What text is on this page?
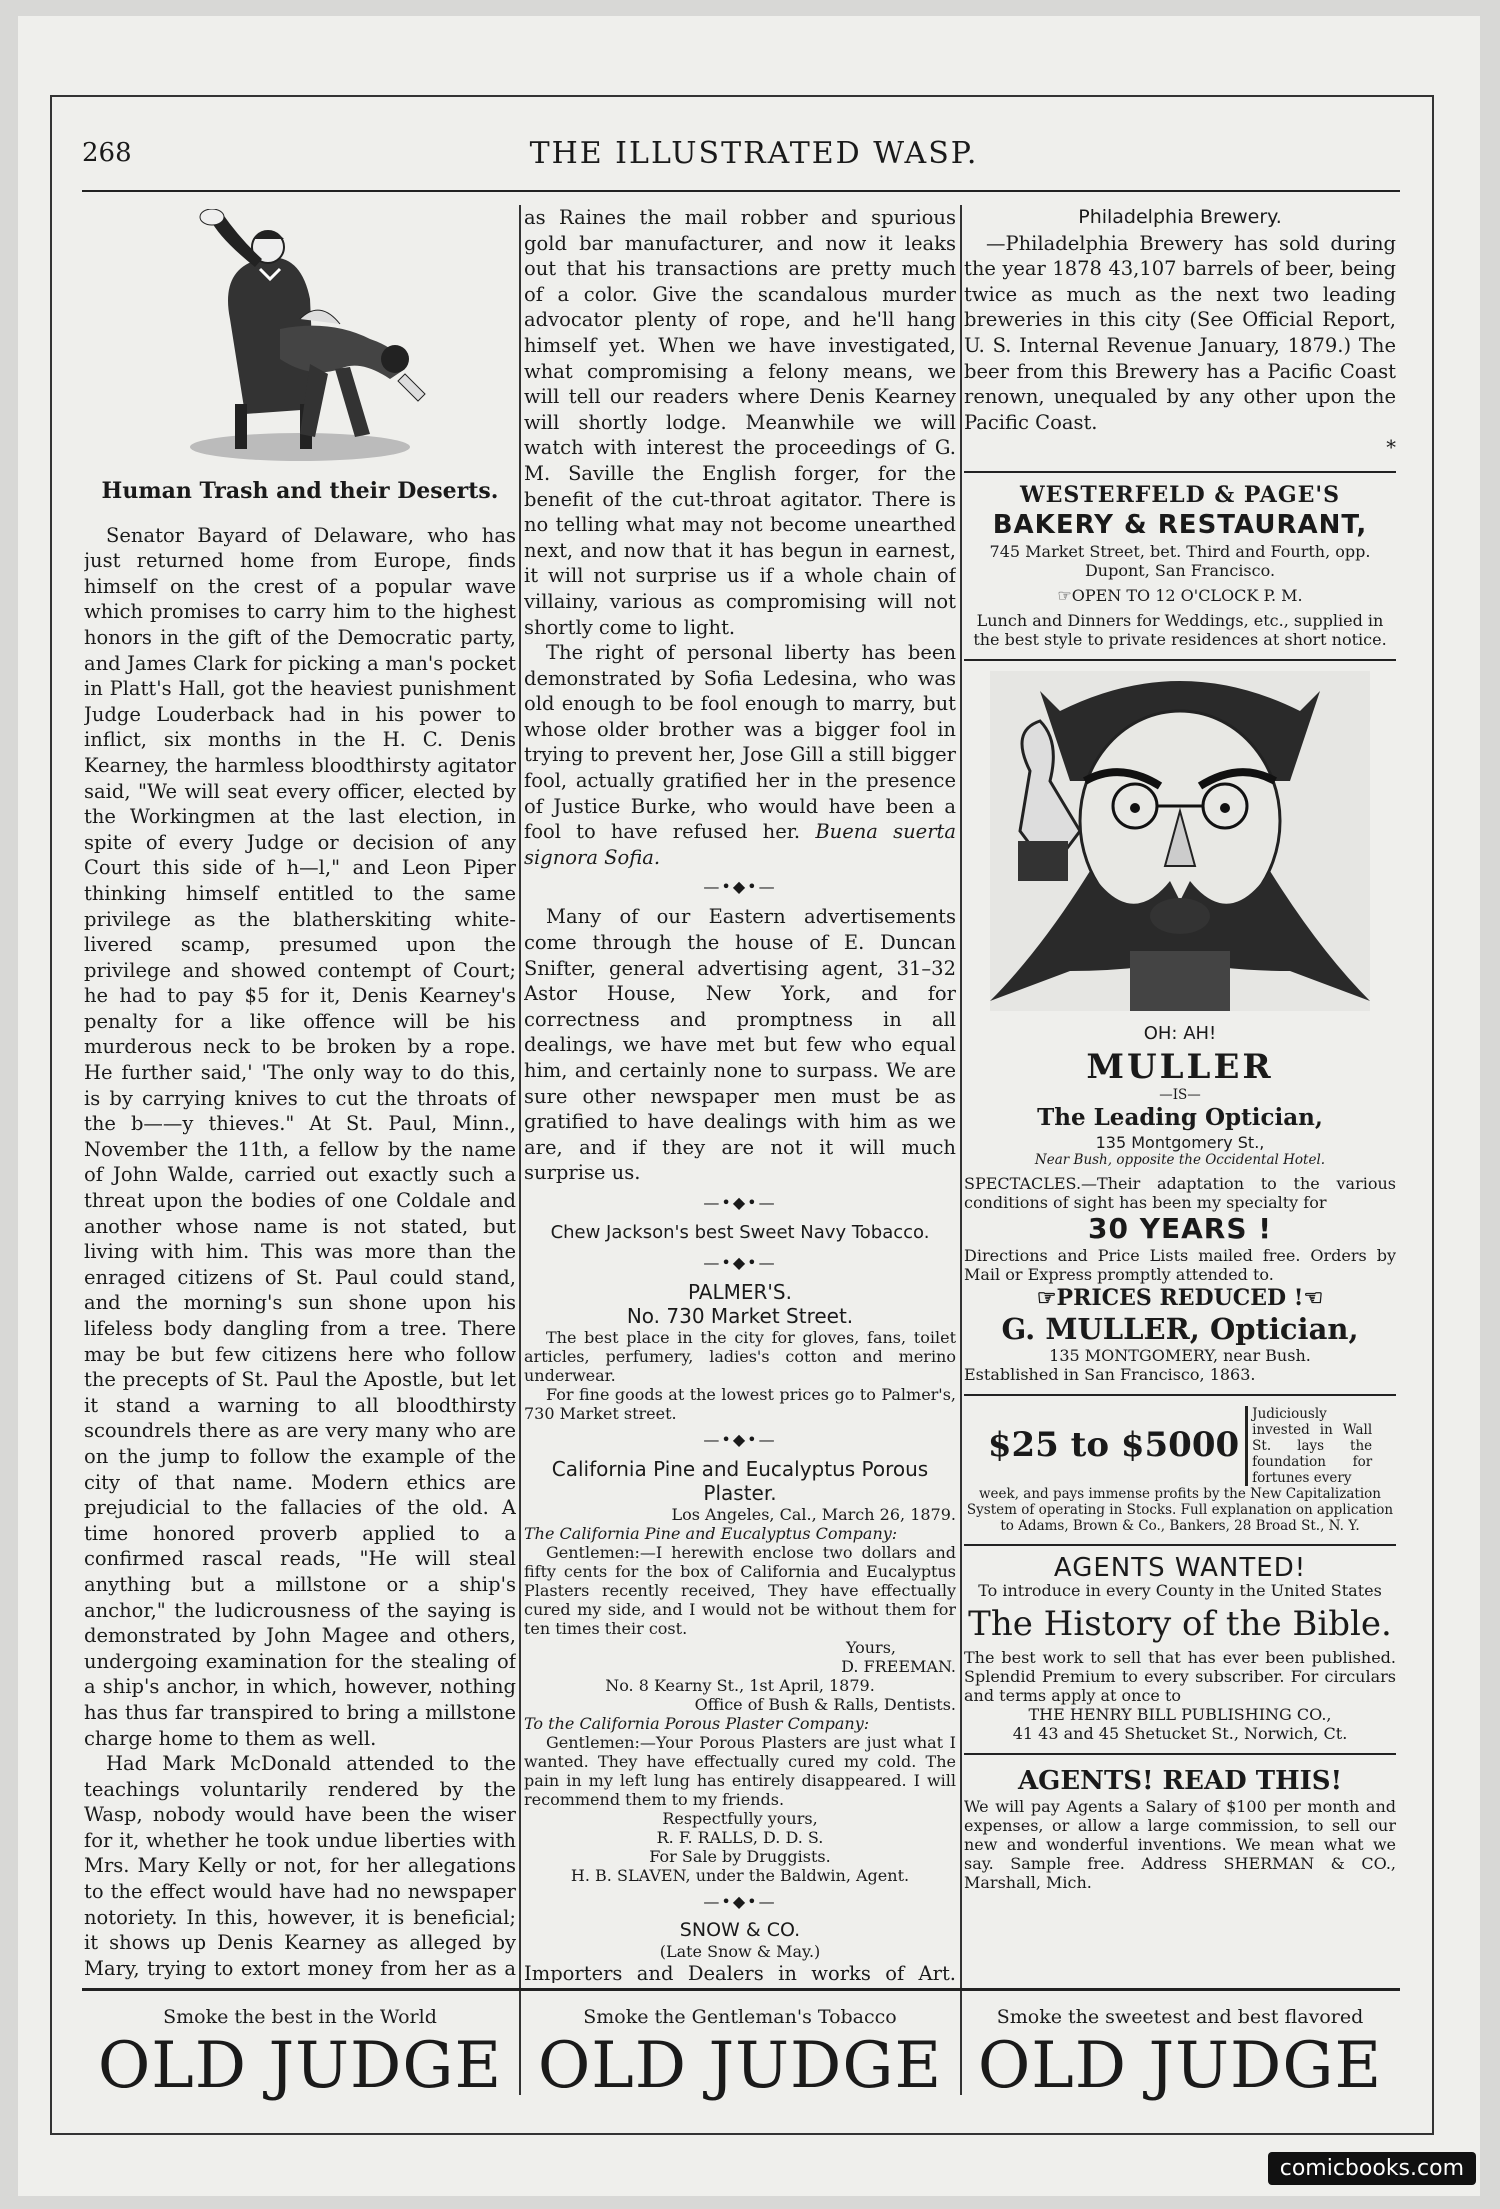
268	THE ILLUSTRATED WASP.
Human Trash and their Deserts.

Senator Bayard of Delaware, who has just returned home from Europe, finds himself on the crest of a popular wave which promises to carry him to the highest honors in the gift of the Democratic party, and James Clark for picking a man's pocket in Platt's Hall, got the heaviest punishment Judge Louderback had in his power to inflict, six months in the H. C. Denis Kearney, the harmless bloodthirsty agitator said, "We will seat every officer, elected by the Workingmen at the last election, in spite of every Judge or decision of any Court this side of h—l," and Leon Piper thinking himself entitled to the same privilege as the blatherskiting white-livered scamp, presumed upon the privilege and showed contempt of Court; he had to pay $5 for it, Denis Kearney's penalty for a like offence will be his murderous neck to be broken by a rope. He further said,' 'The only way to do this, is by carrying knives to cut the throats of the b——y thieves." At St. Paul, Minn., November the 11th, a fellow by the name of John Walde, carried out exactly such a threat upon the bodies of one Coldale and another whose name is not stated, but living with him. This was more than the enraged citizens of St. Paul could stand, and the morning's sun shone upon his lifeless body dangling from a tree. There may be but few citizens here who follow the precepts of St. Paul the Apostle, but let it stand a warning to all bloodthirsty scoundrels there as are very many who are on the jump to follow the example of the city of that name. Modern ethics are prejudicial to the fallacies of the old. A time honored proverb applied to a confirmed rascal reads, "He will steal anything but a millstone or a ship's anchor," the ludicrousness of the saying is demonstrated by John Magee and others, undergoing examination for the stealing of a ship's anchor, in which, however, nothing has thus far transpired to bring a millstone charge home to them as well.

Had Mark McDonald attended to the teachings voluntarily rendered by the Wasp, nobody would have been the wiser for it, whether he took undue liberties with Mrs. Mary Kelly or not, for her allegations to the effect would have had no newspaper notoriety. In this, however, it is beneficial; it shows up Denis Kearney as alleged by Mary, trying to extort money from her as a

as Raines the mail robber and spurious gold bar manufacturer, and now it leaks out that his transactions are pretty much of a color. Give the scandalous murder advocator plenty of rope, and he'll hang himself yet. When we have investigated, what compromising a felony means, we will tell our readers where Denis Kearney will shortly lodge. Meanwhile we will watch with interest the proceedings of G. M. Saville the English forger, for the benefit of the cut-throat agitator. There is no telling what may not become unearthed next, and now that it has begun in earnest, it will not surprise us if a whole chain of villainy, various as compromising will not shortly come to light.

The right of personal liberty has been demonstrated by Sofia Ledesina, who was old enough to be fool enough to marry, but whose older brother was a bigger fool in trying to prevent her, Jose Gill a still bigger fool, actually gratified her in the presence of Justice Burke, who would have been a fool to have refused her. Buena suerta signora Sofia.

—•◆•—

Many of our Eastern advertisements come through the house of E. Duncan Snifter, general advertising agent, 31–32 Astor House, New York, and for correctness and promptness in all dealings, we have met but few who equal him, and certainly none to surpass. We are sure other newspaper men must be as gratified to have dealings with him as we are, and if they are not it will much surprise us.

—•◆•—
Chew Jackson's best Sweet Navy Tobacco.
—•◆•—
PALMER'S.
No. 730 Market Street.

The best place in the city for gloves, fans, toilet articles, perfumery, ladies's cotton and merino underwear.

For fine goods at the lowest prices go to Palmer's, 730 Market street.

—•◆•—
California Pine and Eucalyptus Porous Plaster.
Los Angeles, Cal., March 26, 1879.
The California Pine and Eucalyptus Company:

Gentlemen:—I herewith enclose two dollars and fifty cents for the box of California and Eucalyptus Plasters recently received, They have effectually cured my side, and I would not be without them for ten times their cost.

Yours,
D. FREEMAN.
No. 8 Kearny St., 1st April, 1879.
Office of Bush & Ralls, Dentists.
To the California Porous Plaster Company:

Gentlemen:—Your Porous Plasters are just what I wanted. They have effectually cured my cold. The pain in my left lung has entirely disappeared. I will recommend them to my friends.

Respectfully yours,
R. F. RALLS, D. D. S.
For Sale by Druggists.
H. B. SLAVEN, under the Baldwin, Agent.
—•◆•—
SNOW & CO.
(Late Snow & May.)

Importers and Dealers in works of Art.

Philadelphia Brewery.

—Philadelphia Brewery has sold during the year 1878 43,107 barrels of beer, being twice as much as the next two leading breweries in this city (See Official Report, U. S. Internal Revenue January, 1879.) The beer from this Brewery has a Pacific Coast renown, unequaled by any other upon the Pacific Coast.

*
WESTERFELD & PAGE'S
BAKERY & RESTAURANT,
745 Market Street, bet. Third and Fourth, opp. Dupont, San Francisco.
☞OPEN TO 12 O'CLOCK P. M.
Lunch and Dinners for Weddings, etc., supplied in the best style to private residences at short notice.
OH: AH!
MULLER
—IS—
The Leading Optician,
135 Montgomery St.,
Near Bush, opposite the Occidental Hotel.

SPECTACLES.—Their adaptation to the various conditions of sight has been my specialty for

30 YEARS !

Directions and Price Lists mailed free. Orders by Mail or Express promptly attended to.

☞PRICES REDUCED !☜
G. MULLER, Optician,
135 MONTGOMERY, near Bush.
Established in San Francisco, 1863.
$25 to $5000
Judiciously invested in Wall St. lays the foundation for fortunes every
week, and pays immense profits by the New Capitalization System of operating in Stocks. Full explanation on application to Adams, Brown & Co., Bankers, 28 Broad St., N. Y.
AGENTS WANTED!
To introduce in every County in the United States
The History of the Bible.

The best work to sell that has ever been published. Splendid Premium to every subscriber. For circulars and terms apply at once to

THE HENRY BILL PUBLISHING CO.,
41 43 and 45 Shetucket St., Norwich, Ct.
AGENTS! READ THIS!

We will pay Agents a Salary of $100 per month and expenses, or allow a large commission, to sell our new and wonderful inventions. We mean what we say. Sample free. Address SHERMAN & CO., Marshall, Mich.

Smoke the best in the World
OLD JUDGE
Smoke the Gentleman's Tobacco
OLD JUDGE
Smoke the sweetest and best flavored
OLD JUDGE
comicbooks.com
